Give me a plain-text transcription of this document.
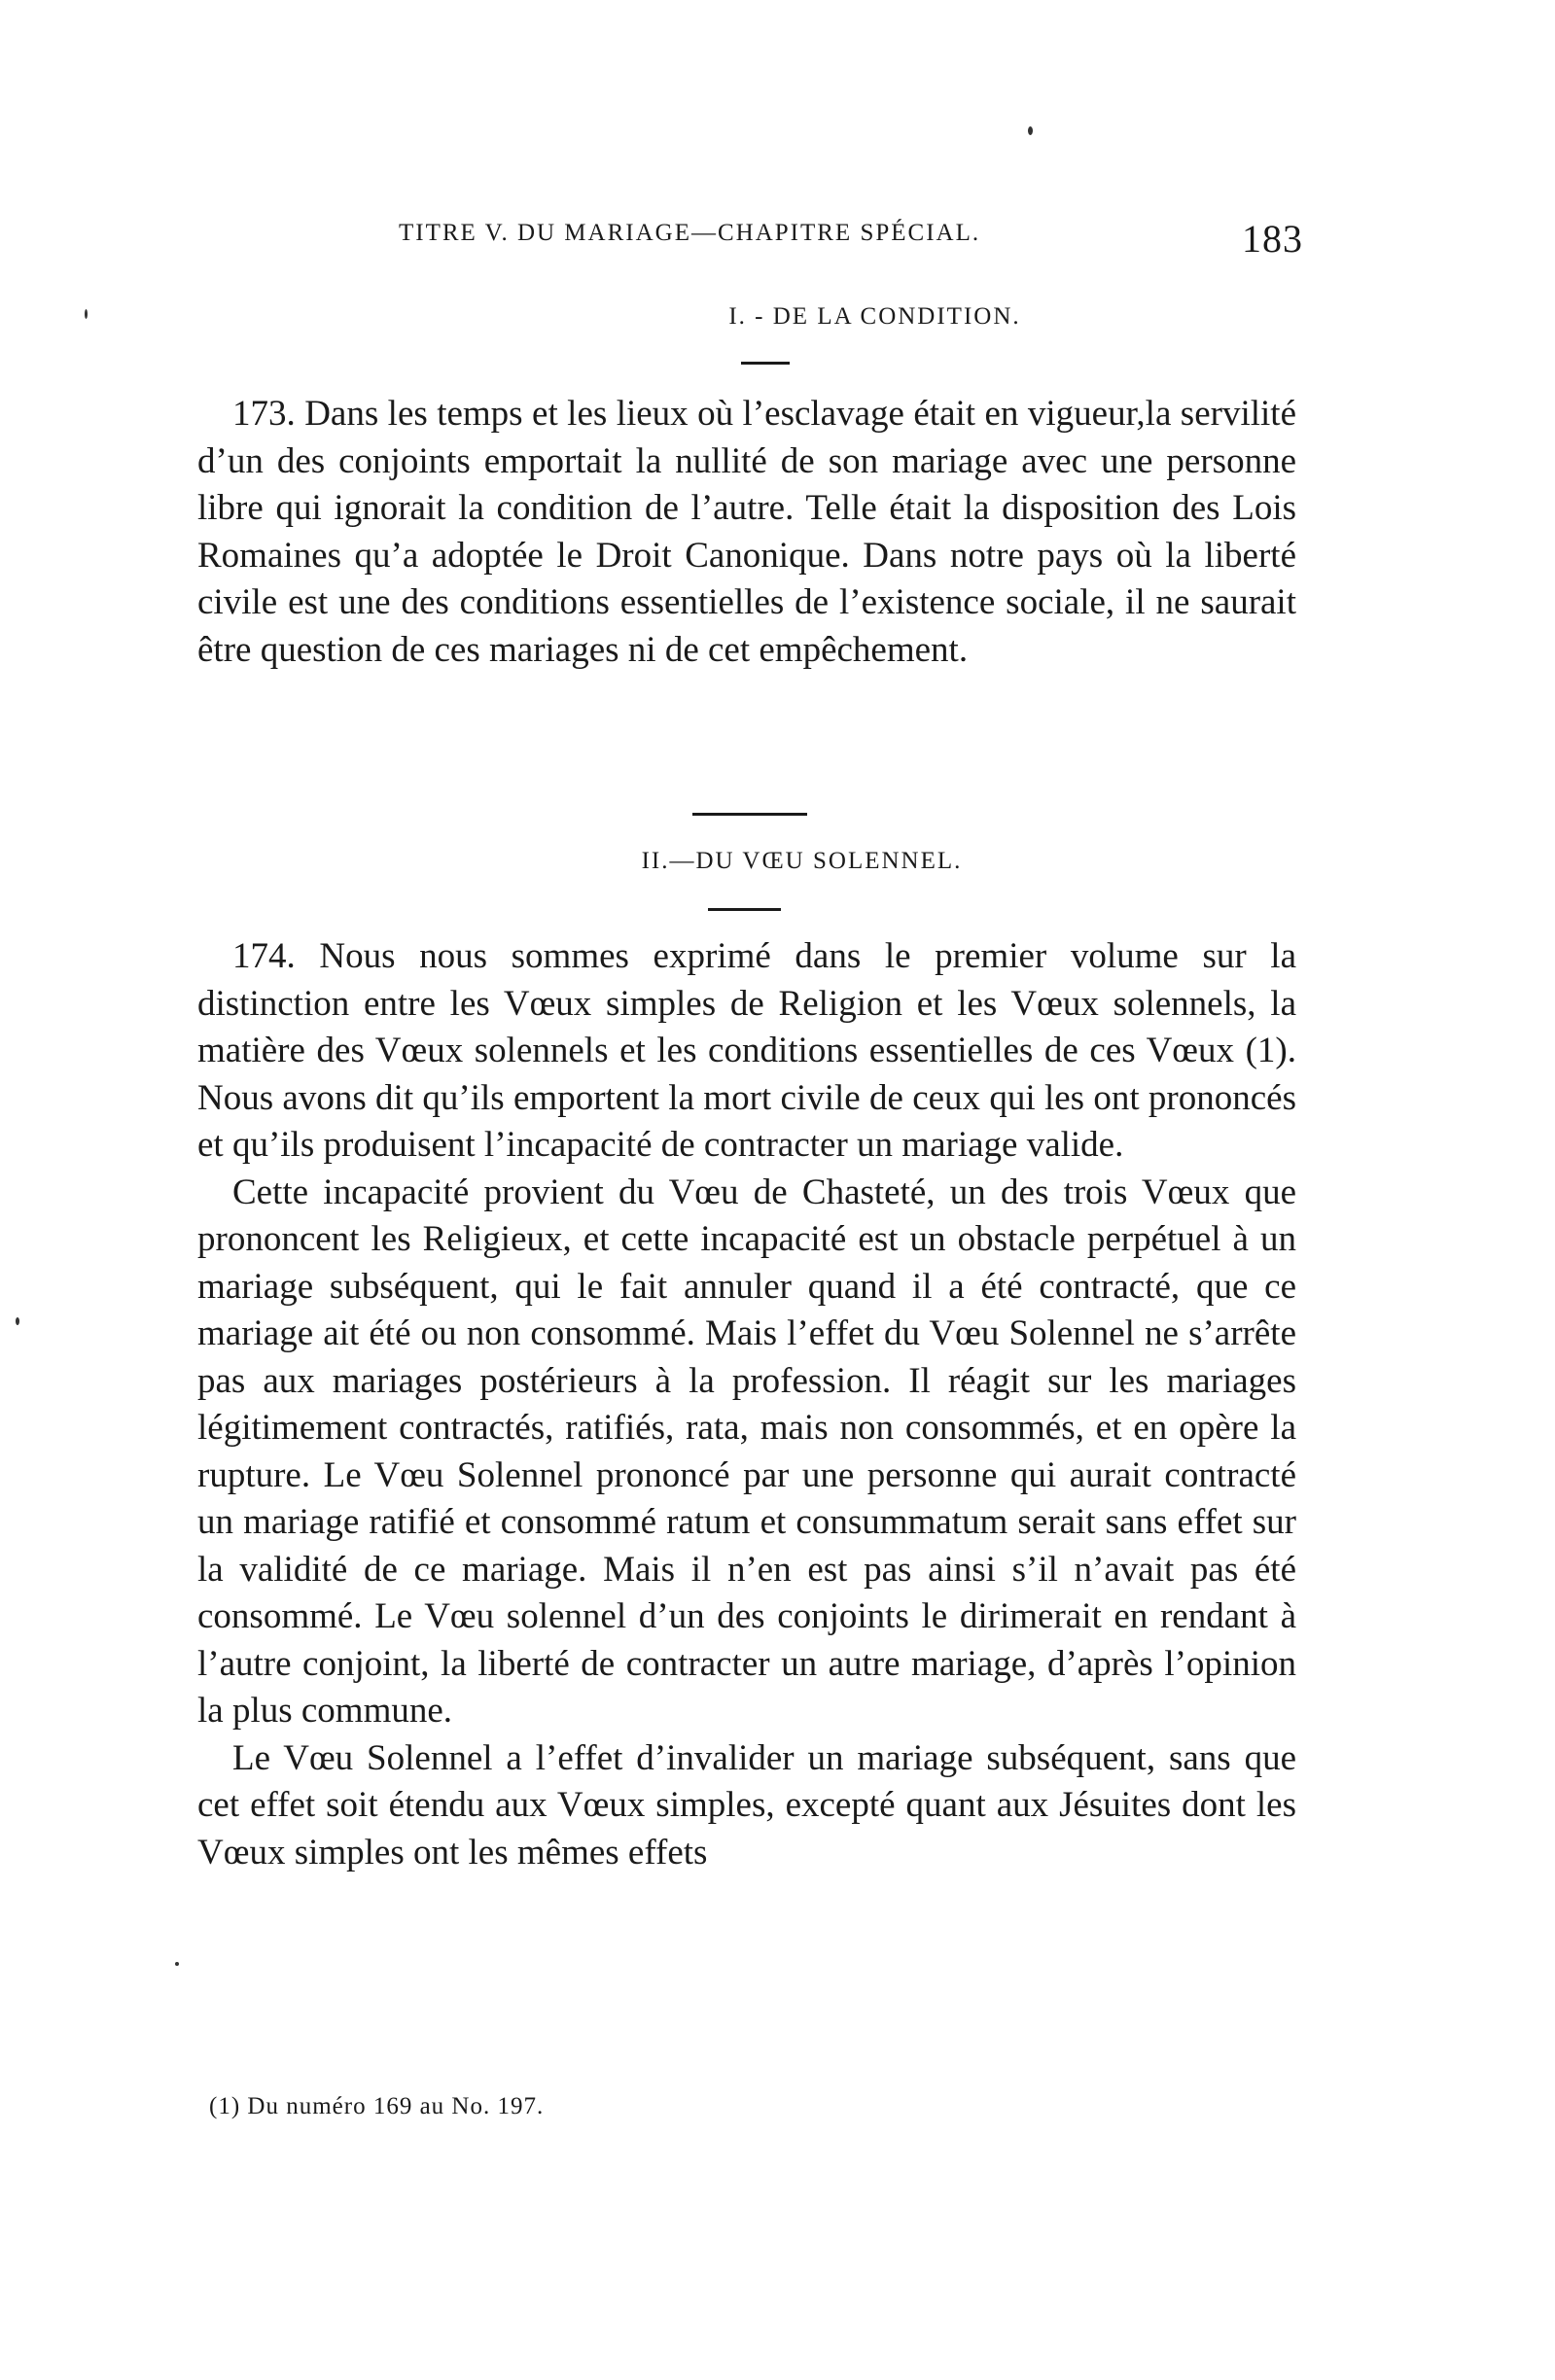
TITRE V. DU MARIAGE—CHAPITRE SPÉCIAL.	183
I. - DE LA CONDITION.

173. Dans les temps et les lieux où l’esclavage était en vigueur,la servilité d’un des conjoints emportait la nullité de son mariage avec une personne libre qui ignorait la condition de l’autre. Telle était la disposition des Lois Romaines qu’a adoptée le Droit Canonique. Dans notre pays où la liberté civile est une des conditions essentielles de l’existence sociale, il ne saurait être question de ces mariages ni de cet empêchement.

II.—DU VŒU SOLENNEL.

174. Nous nous sommes exprimé dans le premier volume sur la distinction entre les Vœux simples de Religion et les Vœux solennels, la matière des Vœux solennels et les conditions essentielles de ces Vœux (1). Nous avons dit qu’ils emportent la mort civile de ceux qui les ont prononcés et qu’ils produisent l’incapacité de contracter un mariage valide.

Cette incapacité provient du Vœu de Chasteté, un des trois Vœux que prononcent les Religieux, et cette incapacité est un obstacle perpétuel à un mariage subséquent, qui le fait annuler quand il a été contracté, que ce mariage ait été ou non consommé. Mais l’effet du Vœu Solennel ne s’arrête pas aux mariages postérieurs à la profession. Il réagit sur les mariages légitimement contractés, ratifiés, rata, mais non consommés, et en opère la rupture. Le Vœu Solennel prononcé par une personne qui aurait contracté un mariage ratifié et consommé ratum et consummatum serait sans effet sur la validité de ce mariage. Mais il n’en est pas ainsi s’il n’avait pas été consommé. Le Vœu solennel d’un des conjoints le dirimerait en rendant à l’autre conjoint, la liberté de contracter un autre mariage, d’après l’opinion la plus commune.

Le Vœu Solennel a l’effet d’invalider un mariage subséquent, sans que cet effet soit étendu aux Vœux simples, excepté quant aux Jésuites dont les Vœux simples ont les mêmes effets

(1) Du numéro 169 au No. 197.
